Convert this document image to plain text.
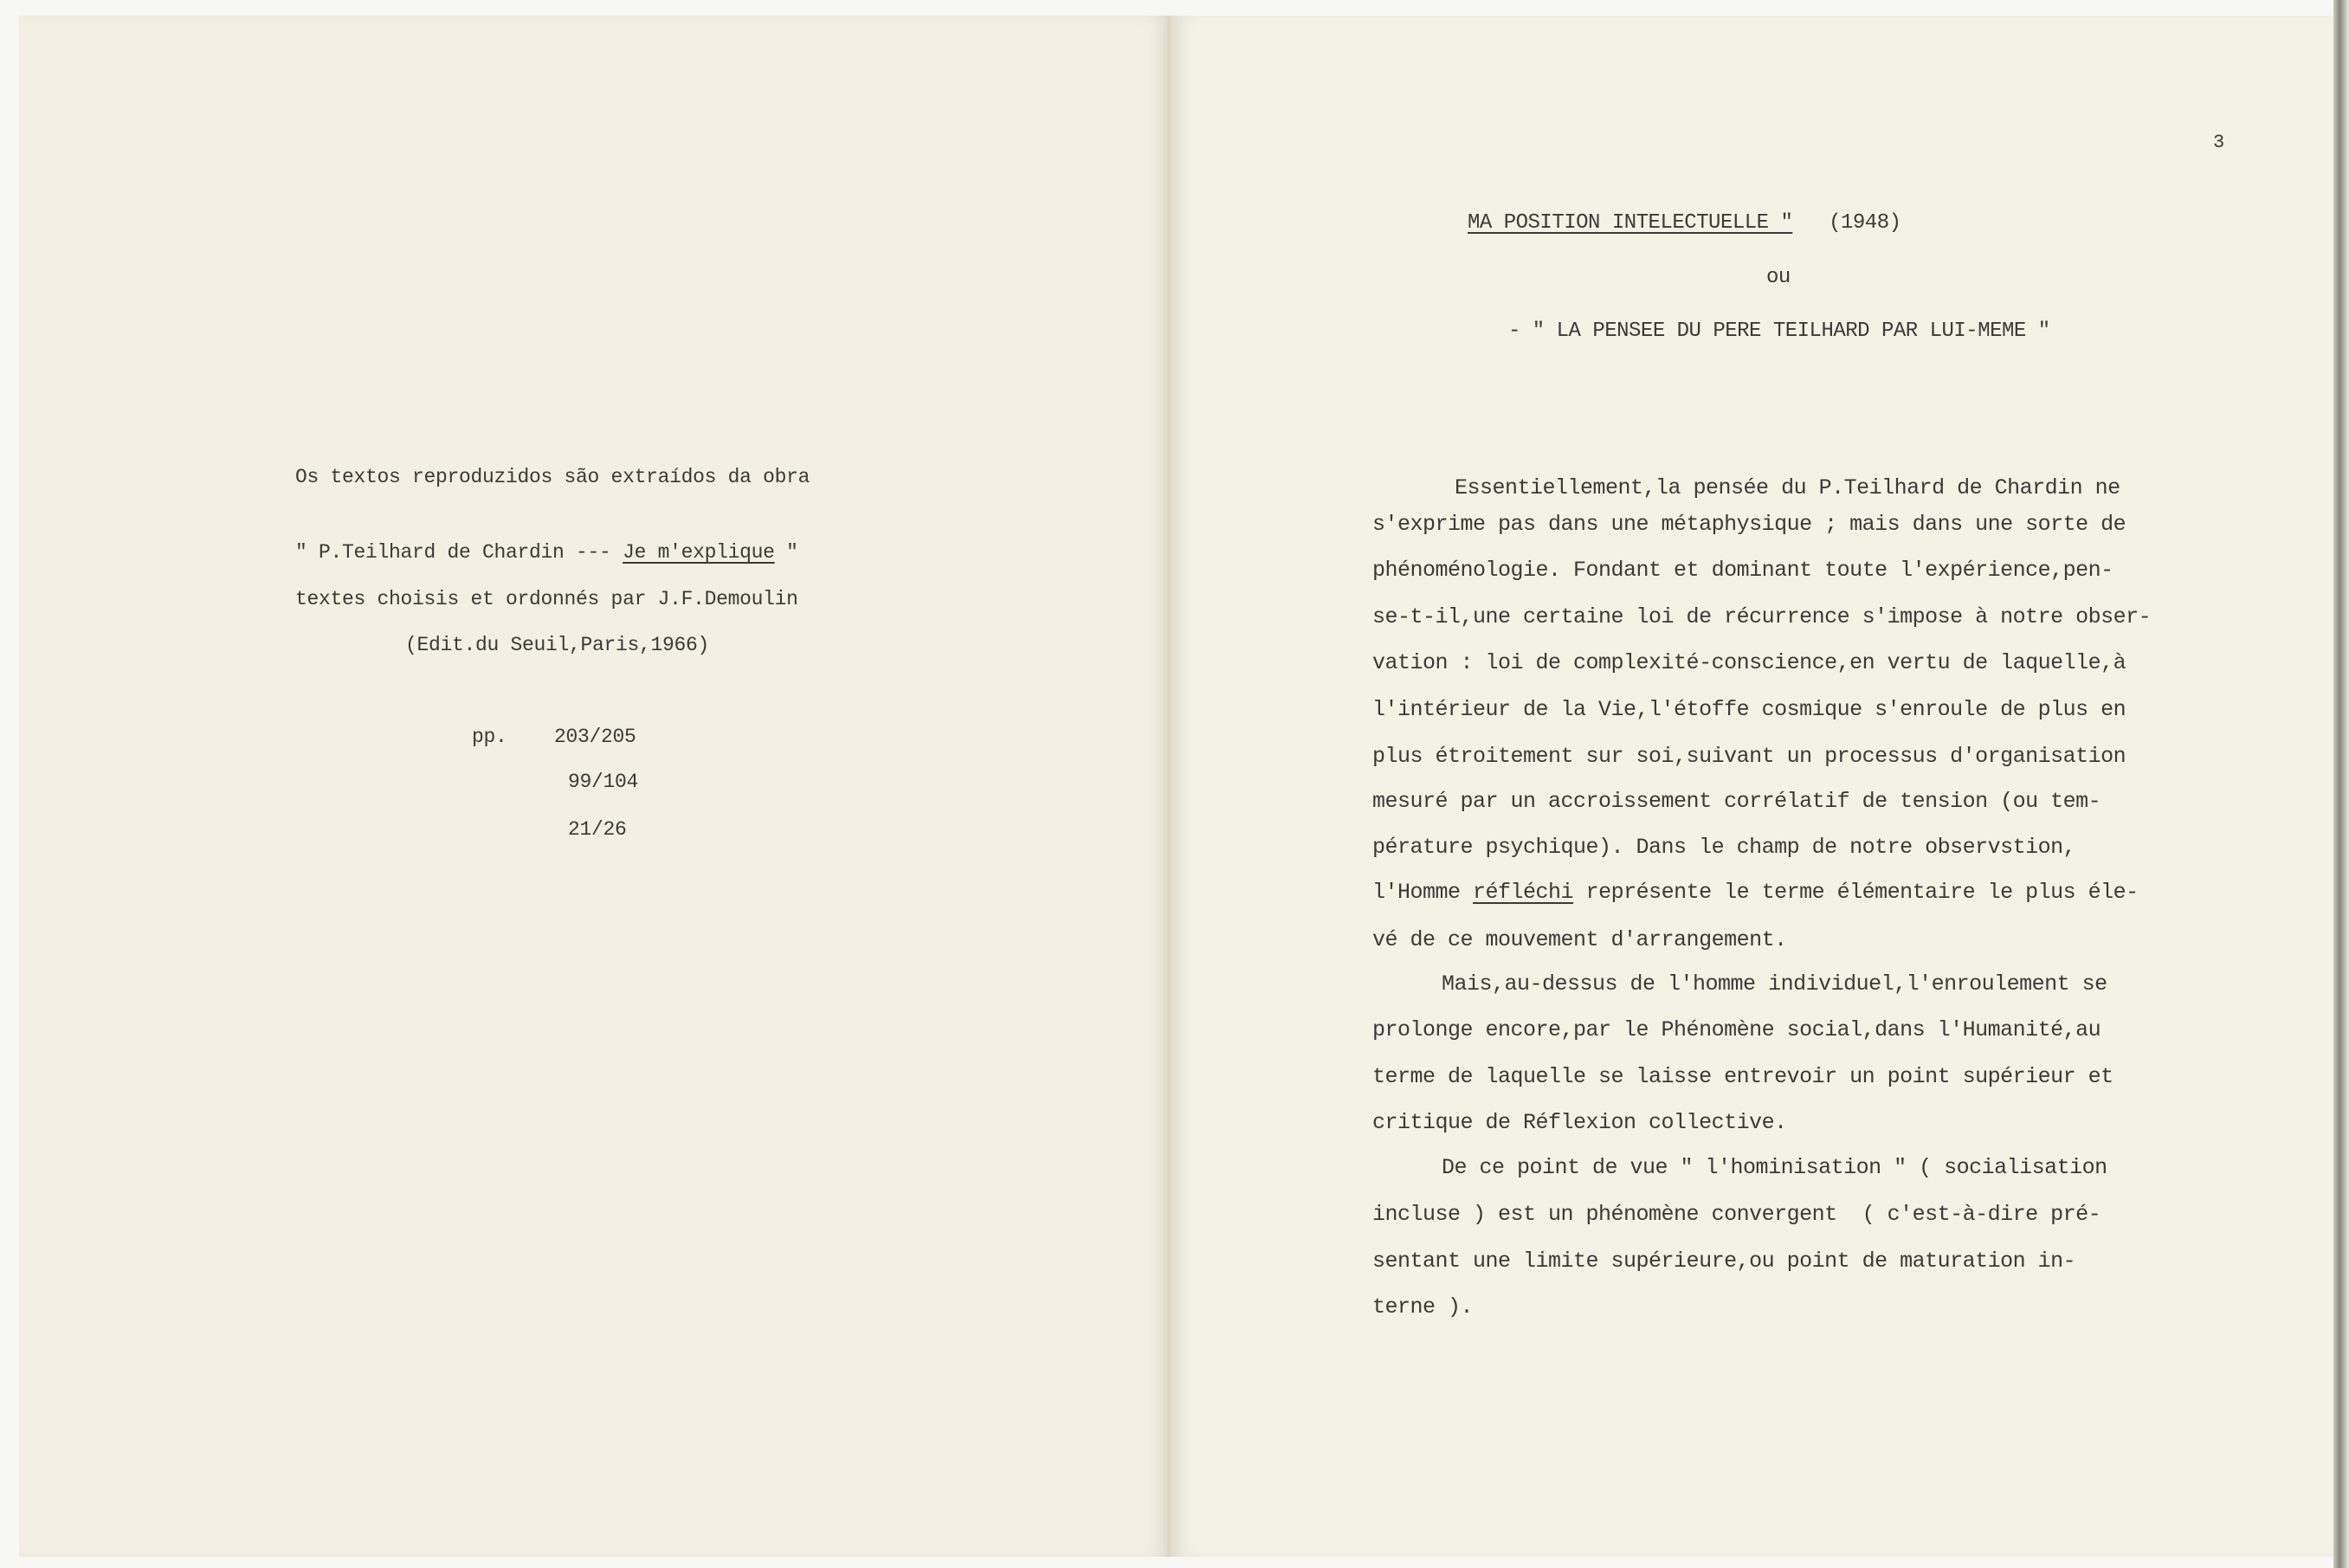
Os textos reproduzidos são extraídos da obra
" P.Teilhard de Chardin --- Je m'explique "
textes choisis et ordonnés par J.F.Demoulin
(Edit.du Seuil,Paris,1966)
pp. 203/205
99/104
21/26
3
MA POSITION INTELECTUELLE " (1948)
ou
- " LA PENSEE DU PERE TEILHARD PAR LUI-MEME "
Essentiellement,la pensée du P.Teilhard de Chardin ne
s'exprime pas dans une métaphysique ; mais dans une sorte de
phénoménologie. Fondant et dominant toute l'expérience,pen-
se-t-il,une certaine loi de récurrence s'impose à notre obser-
vation : loi de complexité-conscience,en vertu de laquelle,à
l'intérieur de la Vie,l'étoffe cosmique s'enroule de plus en
plus étroitement sur soi,suivant un processus d'organisation
mesuré par un accroissement corrélatif de tension (ou tem-
pérature psychique). Dans le champ de notre observstion,
l'Homme réfléchi représente le terme élémentaire le plus éle-
vé de ce mouvement d'arrangement.
Mais,au-dessus de l'homme individuel,l'enroulement se
prolonge encore,par le Phénomène social,dans l'Humanité,au
terme de laquelle se laisse entrevoir un point supérieur et
critique de Réflexion collective.
De ce point de vue " l'hominisation " ( socialisation
incluse ) est un phénomène convergent  ( c'est-à-dire pré-
sentant une limite supérieure,ou point de maturation in-
terne ).
